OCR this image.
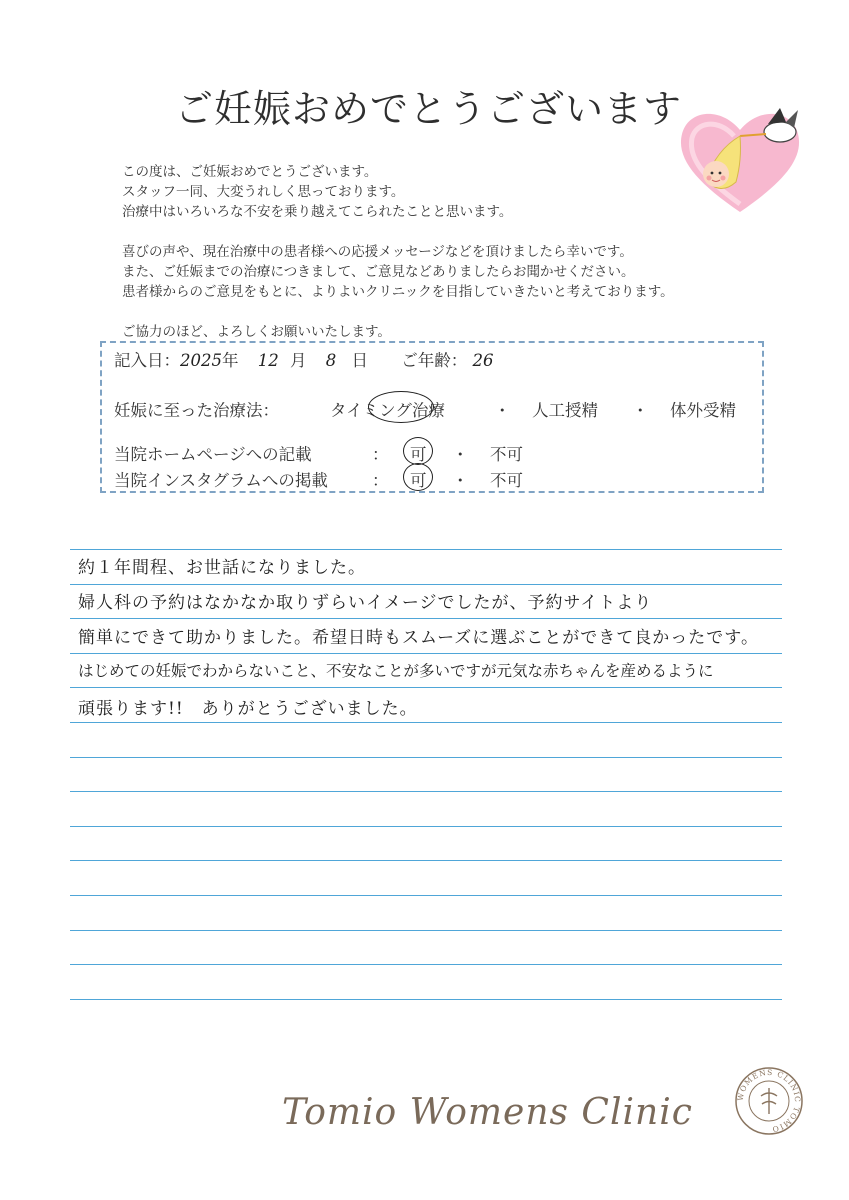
ご妊娠おめでとうございます

この度は、ご妊娠おめでとうございます。

スタッフ一同、大変うれしく思っております。

治療中はいろいろな不安を乗り越えてこられたことと思います。

喜びの声や、現在治療中の患者様への応援メッセージなどを頂けましたら幸いです。

また、ご妊娠までの治療につきまして、ご意見などありましたらお聞かせください。

患者様からのご意見をもとに、よりよいクリニックを目指していきたいと考えております。

ご協力のほど、よろしくお願いいたします。

記入日：2025年 12 月 8 日 ご年齢： 26
妊娠に至った治療法：	タイミング治療	・ 人工授精 ・ 体外受精
当院ホームページへの記載	： 可 ・ 不可
当院インスタグラムへの掲載	： 可 ・ 不可
約１年間程、お世話になりました。
婦人科の予約はなかなか取りずらいイメージでしたが、予約サイトより
簡単にできて助かりました。希望日時もスムーズに選ぶことができて良かったです。
はじめての妊娠でわからないこと、不安なことが多いですが元気な赤ちゃんを産めるように
頑張ります!!　ありがとうございました。
Tomio Womens Clinic	WOMENS CLINIC TOMIO
